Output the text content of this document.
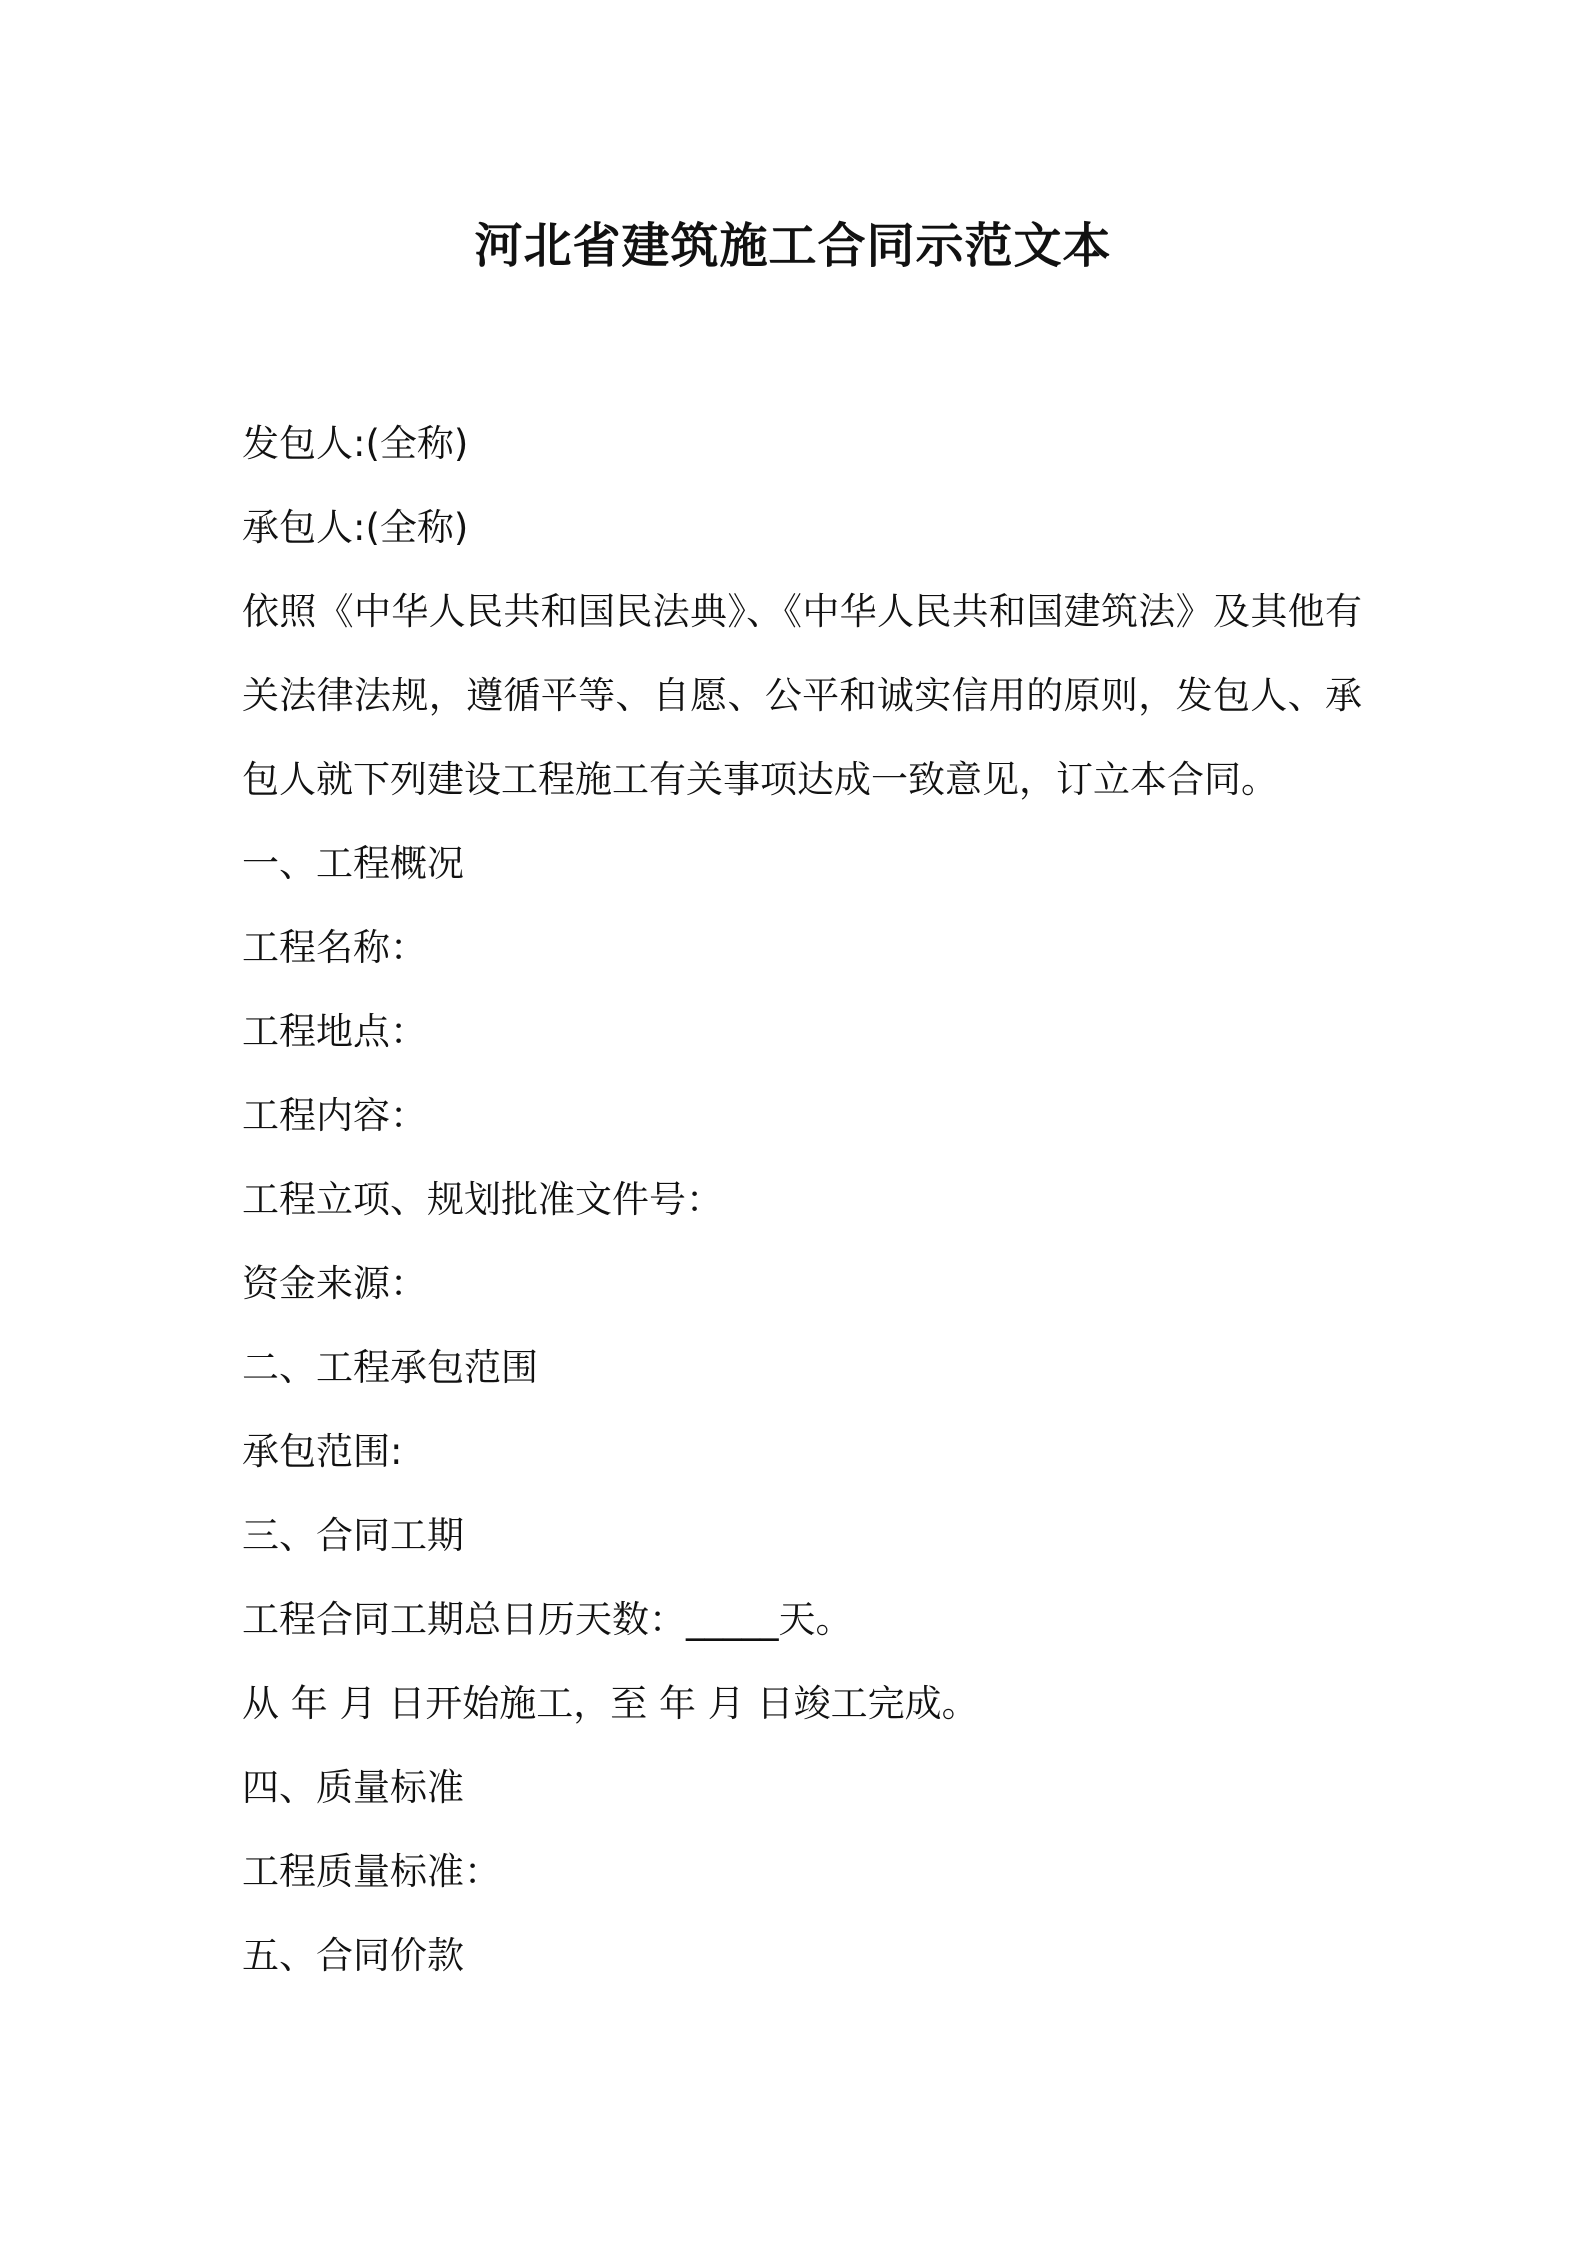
河北省建筑施工合同示范文本
发包人:(全称)
承包人:(全称)
依照《中华人民共和国民法典》、《中华人民共和国建筑法》及其他有关法律法规，遵循平等、自愿、公平和诚实信用的原则，发包人、承包人就下列建设工程施工有关事项达成一致意见，订立本合同。
一、工程概况
工程名称：
工程地点：
工程内容：
工程立项、规划批准文件号：
资金来源：
二、工程承包范围
承包范围:
三、合同工期
工程合同工期总日历天数：_____天。
从 年 月 日开始施工，至 年 月 日竣工完成。
四、质量标准
工程质量标准：
五、合同价款
